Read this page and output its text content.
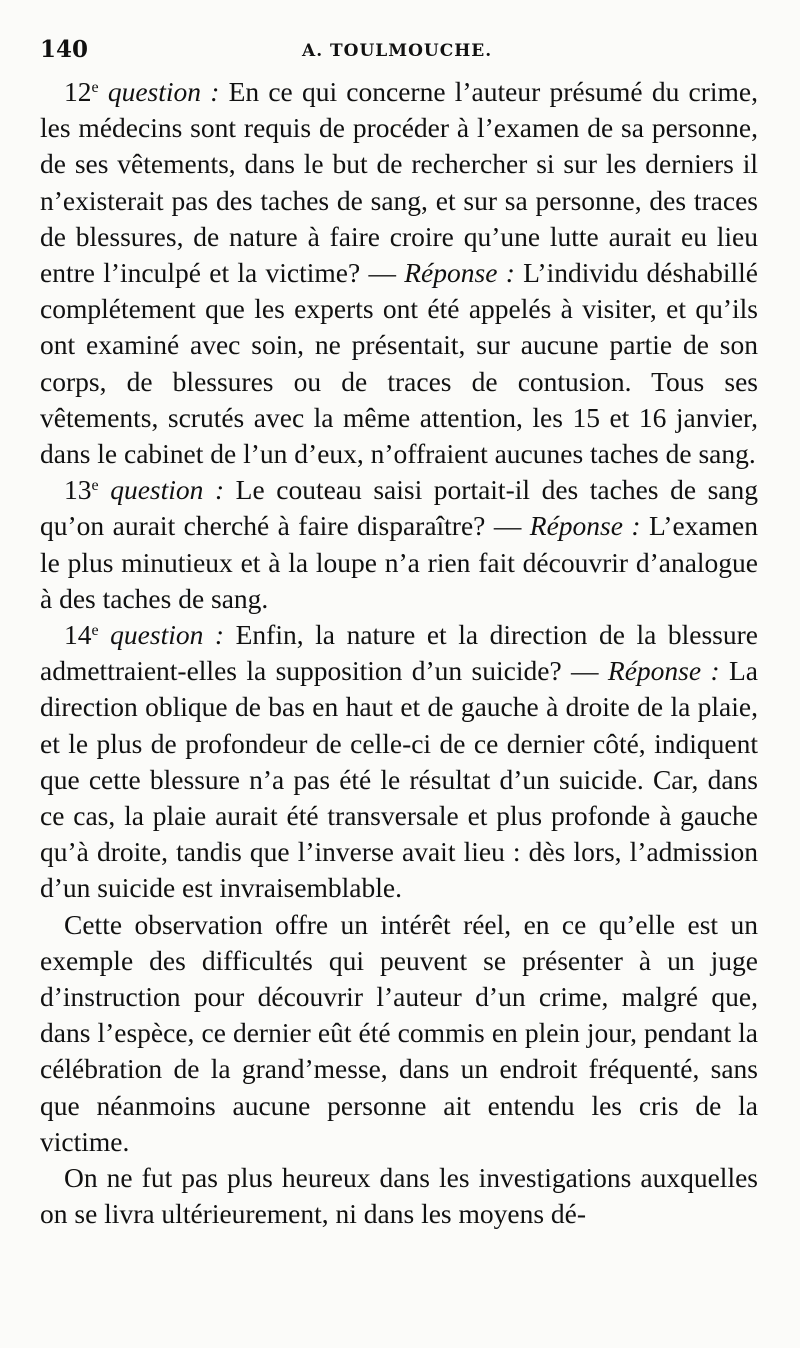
140	A. TOULMOUCHE.

12e question : En ce qui concerne l’auteur présumé du crime, les médecins sont requis de procéder à l’examen de sa personne, de ses vêtements, dans le but de rechercher si sur les derniers il n’existerait pas des taches de sang, et sur sa personne, des traces de blessures, de nature à faire croire qu’une lutte aurait eu lieu entre l’inculpé et la victime? — Réponse : L’individu déshabillé complétement que les experts ont été appelés à visiter, et qu’ils ont examiné avec soin, ne présentait, sur aucune partie de son corps, de blessures ou de traces de contusion. Tous ses vêtements, scrutés avec la même attention, les 15 et 16 janvier, dans le cabinet de l’un d’eux, n’offraient aucunes taches de sang.

13e question : Le couteau saisi portait-il des taches de sang qu’on aurait cherché à faire disparaître? — Réponse : L’examen le plus minutieux et à la loupe n’a rien fait découvrir d’analogue à des taches de sang.

14e question : Enfin, la nature et la direction de la blessure admettraient-elles la supposition d’un suicide? — Réponse : La direction oblique de bas en haut et de gauche à droite de la plaie, et le plus de profondeur de celle-ci de ce dernier côté, indiquent que cette blessure n’a pas été le résultat d’un suicide. Car, dans ce cas, la plaie aurait été transversale et plus profonde à gauche qu’à droite, tandis que l’inverse avait lieu : dès lors, l’admission d’un suicide est invraisemblable.

Cette observation offre un intérêt réel, en ce qu’elle est un exemple des difficultés qui peuvent se présenter à un juge d’instruction pour découvrir l’auteur d’un crime, malgré que, dans l’espèce, ce dernier eût été commis en plein jour, pendant la célébration de la grand’messe, dans un endroit fréquenté, sans que néanmoins aucune personne ait entendu les cris de la victime.

On ne fut pas plus heureux dans les investigations auxquelles on se livra ultérieurement, ni dans les moyens dé-
